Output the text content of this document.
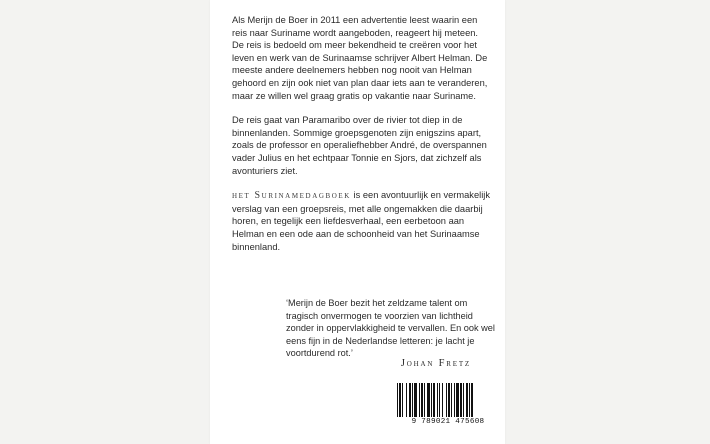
Als Merijn de Boer in 2011 een advertentie leest waarin een reis naar Suriname wordt aangeboden, reageert hij meteen. De reis is bedoeld om meer bekendheid te creëren voor het leven en werk van de Surinaamse schrijver Albert Helman. De meeste andere deelnemers hebben nog nooit van Helman gehoord en zijn ook niet van plan daar iets aan te veranderen, maar ze willen wel graag gratis op vakantie naar Suriname.

De reis gaat van Paramaribo over de rivier tot diep in de binnenlanden. Sommige groepsgenoten zijn enigszins apart, zoals de professor en operaliefhebber André, de overspannen vader Julius en het echtpaar Tonnie en Sjors, dat zichzelf als avonturiers ziet.

het Surinamedagboek is een avontuurlijk en vermakelijk verslag van een groepsreis, met alle ongemakken die daarbij horen, en tegelijk een liefdesverhaal, een eerbetoon aan Helman en een ode aan de schoonheid van het Surinaamse binnenland.

‘Merijn de Boer bezit het zeldzame talent om tragisch onvermogen te voorzien van lichtheid zonder in oppervlakkigheid te vervallen. En ook wel eens fijn in de Nederlandse letteren: je lacht je voortdurend rot.’
Johan Fretz
9 789021 475608
